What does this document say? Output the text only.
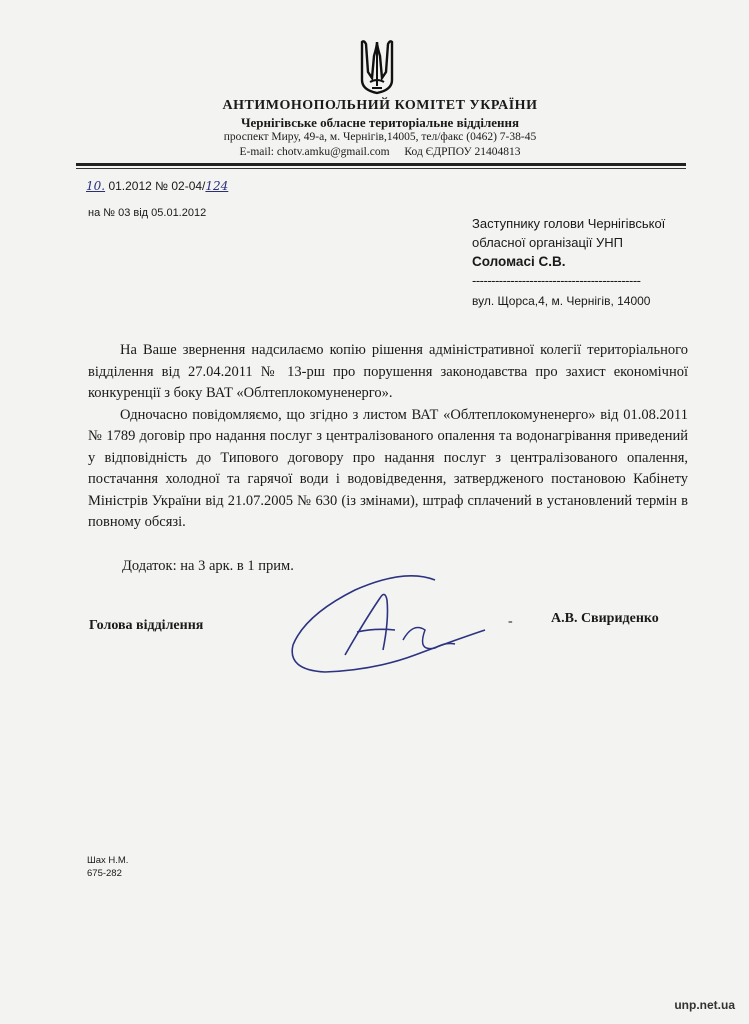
АНТИМОНОПОЛЬНИЙ КОМІТЕТ УКРАЇНИ
Чернігівське обласне територіальне відділення
проспект Миру, 49-а, м. Чернігів,14005, тел/факс (0462) 7-38-45
E-mail: chotv.amku@gmail.com Код ЄДРПОУ 21404813
10. 01.2012 № 02-04/124
на № 03 від 05.01.2012
Заступнику голови Чернігівської
обласної організації УНП
Соломасі С.В.
--------------------------------------------
вул. Щорса,4, м. Чернігів, 14000

На Ваше звернення надсилаємо копію рішення адміністративної колегії територіального відділення від 27.04.2011 № 13-рш про порушення законодавства про захист економічної конкуренції з боку ВАТ «Облтеплокомуненерго».

Одночасно повідомляємо, що згідно з листом ВАТ «Облтеплокомуненерго» від 01.08.2011 № 1789 договір про надання послуг з централізованого опалення та водонагрівання приведений у відповідність до Типового договору про надання послуг з централізованого опалення, постачання холодної та гарячої води і водовідведення, затвердженого постановою Кабінету Міністрів України від 21.07.2005 № 630 (із змінами), штраф сплачений в установлений термін в повному обсязі.

Додаток: на 3 арк. в 1 прим.
Голова відділення	-	А.В. Свириденко
Шах Н.М.
675-282
unp.net.ua
